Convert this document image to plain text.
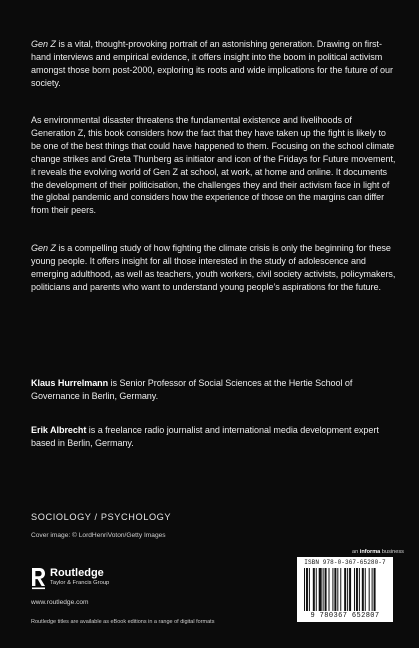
Gen Z is a vital, thought-provoking portrait of an astonishing generation. Drawing on first-hand interviews and empirical evidence, it offers insight into the boom in political activism amongst those born post-2000, exploring its roots and wide implications for the future of our society.

As environmental disaster threatens the fundamental existence and livelihoods of Generation Z, this book considers how the fact that they have taken up the fight is likely to be one of the best things that could have happened to them. Focusing on the school climate change strikes and Greta Thunberg as initiator and icon of the Fridays for Future movement, it reveals the evolving world of Gen Z at school, at work, at home and online. It documents the development of their politicisation, the challenges they and their activism face in light of the global pandemic and considers how the experience of those on the margins can differ from their peers.

Gen Z is a compelling study of how fighting the climate crisis is only the beginning for these young people. It offers insight for all those interested in the study of adolescence and emerging adulthood, as well as teachers, youth workers, civil society activists, policymakers, politicians and parents who want to understand young people’s aspirations for the future.

Klaus Hurrelmann is Senior Professor of Social Sciences at the Hertie School of Governance in Berlin, Germany.

Erik Albrecht is a freelance radio journalist and international media development expert based in Berlin, Germany.

SOCIOLOGY / PSYCHOLOGY
Cover image: © LordHenriVoton/Getty Images
Routledge
Taylor & Francis Group
www.routledge.com
Routledge titles are available as eBook editions in a range of digital formats
an informa business
ISBN 978-0-367-65280-7
9 780367 652807
